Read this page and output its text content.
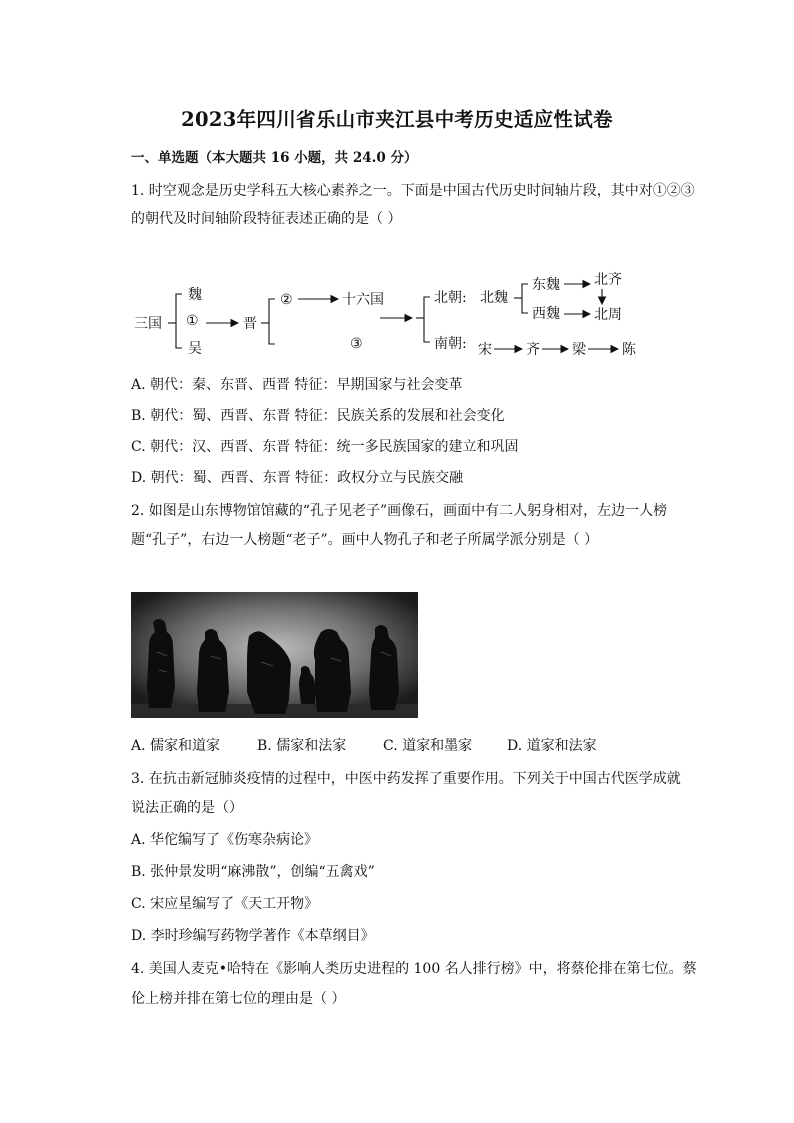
2023年四川省乐山市夹江县中考历史适应性试卷
一、单选题（本大题共 16 小题，共 24.0 分）
1. 时空观念是历史学科五大核心素养之一。下面是中国古代历史时间轴片段，其中对①②③
的朝代及时间轴阶段特征表述正确的是（ ）
三国
魏
①
吴
晋
②	十六国
③
北朝: 北魏
东魏 北齐
西魏 北周
南朝: 宋 齐 梁	陈
A. 朝代：秦、东晋、西晋 特征：早期国家与社会变革
B. 朝代：蜀、西晋、东晋 特征：民族关系的发展和社会变化
C. 朝代：汉、西晋、东晋 特征：统一多民族国家的建立和巩固
D. 朝代：蜀、西晋、东晋 特征：政权分立与民族交融
2. 如图是山东博物馆馆藏的“孔子见老子”画像石，画面中有二人躬身相对，左边一人榜
题“孔子”，右边一人榜题“老子”。画中人物孔子和老子所属学派分别是（ ）
A. 儒家和道家	B. 儒家和法家	C. 道家和墨家 D. 道家和法家
3. 在抗击新冠肺炎疫情的过程中，中医中药发挥了重要作用。下列关于中国古代医学成就
说法正确的是（）
A. 华佗编写了《伤寒杂病论》
B. 张仲景发明“麻沸散”，创编“五禽戏”
C. 宋应星编写了《天工开物》
D. 李时珍编写药物学著作《本草纲目》
4. 美国人麦克•哈特在《影响人类历史进程的 100 名人排行榜》中，将蔡伦排在第七位。蔡
伦上榜并排在第七位的理由是（ ）
